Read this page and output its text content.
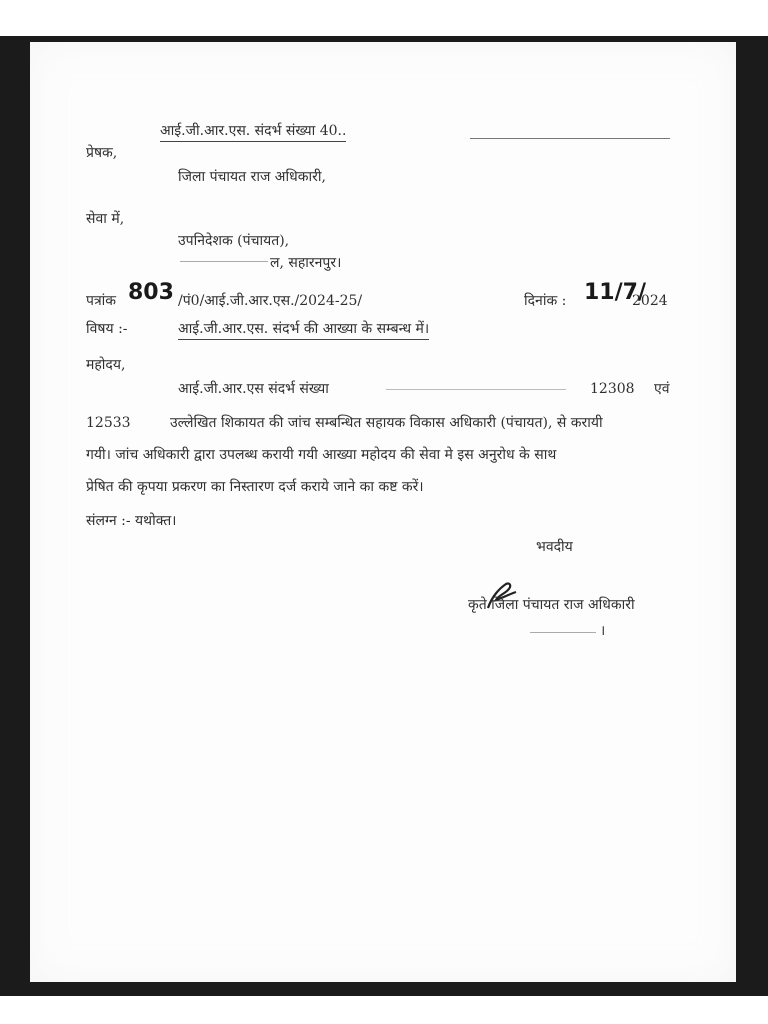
आई.जी.आर.एस. संदर्भ संख्या 40..
प्रेषक,
जिला पंचायत राज अधिकारी,
सेवा में,
उपनिदेशक (पंचायत),
ल, सहारनपुर।
पत्रांक 803 /पं0/आई.जी.आर.एस./2024-25/	दिनांक : 11/7/
2024
विषय :-	आई.जी.आर.एस. संदर्भ की आख्या के सम्बन्ध में।
महोदय,
आई.जी.आर.एस संदर्भ संख्या	12308 एवं
12533	उल्लेखित शिकायत की जांच सम्बन्धित सहायक विकास अधिकारी (पंचायत), से करायी
गयी। जांच अधिकारी द्वारा उपलब्ध करायी गयी आख्या महोदय की सेवा मे इस अनुरोध के साथ
प्रेषित की कृपया प्रकरण का निस्तारण दर्ज कराये जाने का कष्ट करें।
संलग्न :- यथोक्त।
भवदीय
कृते जिला पंचायत राज अधिकारी
।
